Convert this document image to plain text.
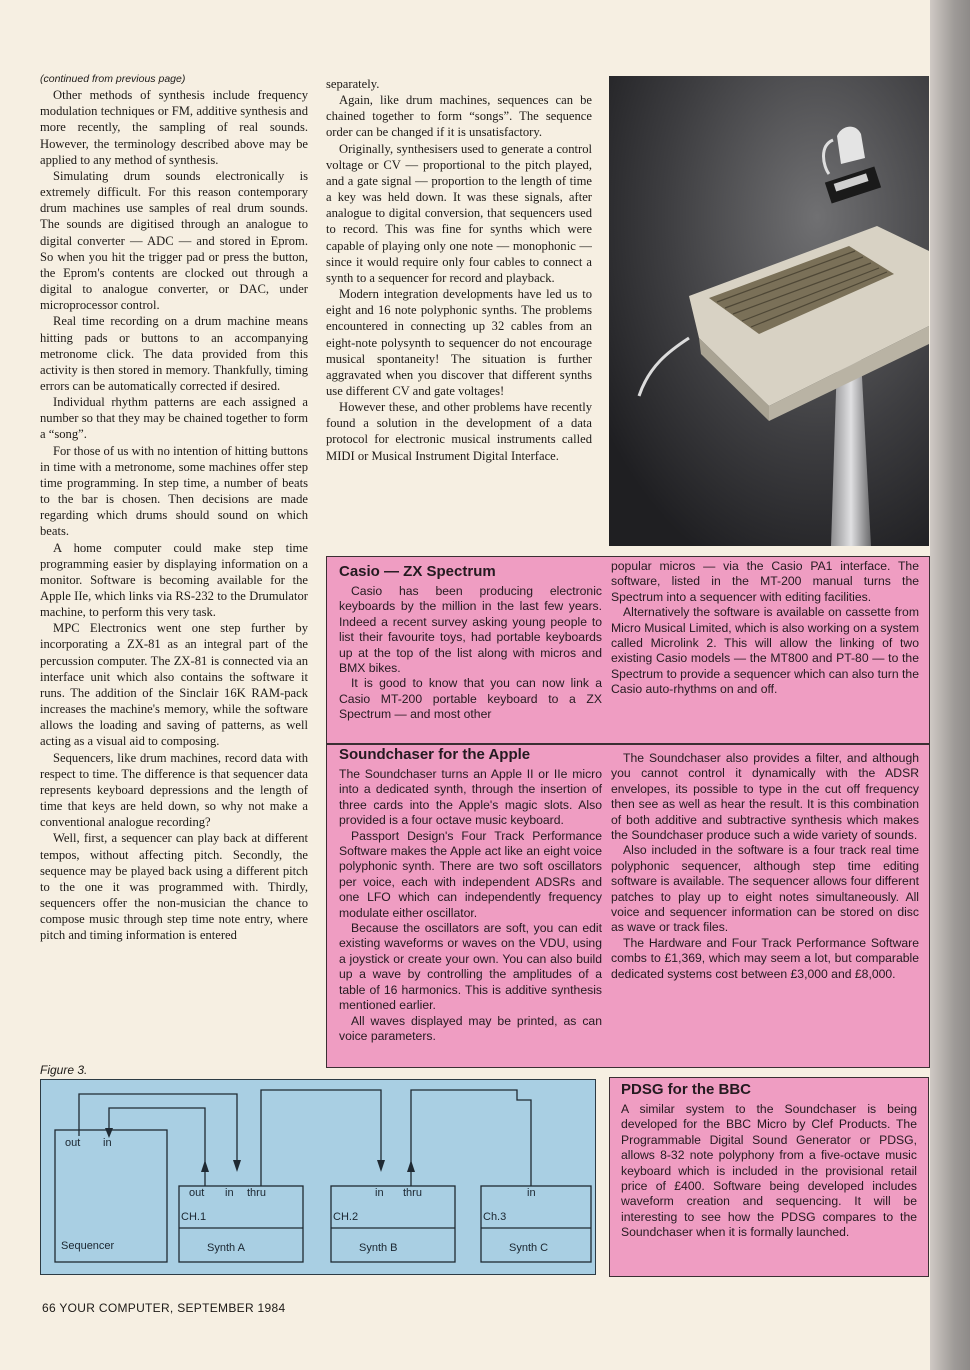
(continued from previous page)

Other methods of synthesis include frequency modulation techniques or FM, additive synthesis and more recently, the sampling of real sounds. However, the terminology described above may be applied to any method of synthesis.

Simulating drum sounds electronically is extremely difficult. For this reason contemporary drum machines use samples of real drum sounds. The sounds are digitised through an analogue to digital converter — ADC — and stored in Eprom. So when you hit the trigger pad or press the button, the Eprom's contents are clocked out through a digital to analogue converter, or DAC, under microprocessor control.

Real time recording on a drum machine means hitting pads or buttons to an accompanying metronome click. The data provided from this activity is then stored in memory. Thankfully, timing errors can be automatically corrected if desired.

Individual rhythm patterns are each assigned a number so that they may be chained together to form a “song”.

For those of us with no intention of hitting buttons in time with a metronome, some machines offer step time programming. In step time, a number of beats to the bar is chosen. Then decisions are made regarding which drums should sound on which beats.

A home computer could make step time programming easier by displaying information on a monitor. Software is becoming available for the Apple IIe, which links via RS-232 to the Drumulator machine, to perform this very task.

MPC Electronics went one step further by incorporating a ZX-81 as an integral part of the percussion computer. The ZX-81 is connected via an interface unit which also contains the software it runs. The addition of the Sinclair 16K RAM-pack increases the machine's memory, while the software allows the loading and saving of patterns, as well acting as a visual aid to composing.

Sequencers, like drum machines, record data with respect to time. The difference is that sequencer data represents keyboard depressions and the length of time that keys are held down, so why not make a conventional analogue recording?

Well, first, a sequencer can play back at different tempos, without affecting pitch. Secondly, the sequence may be played back using a different pitch to the one it was programmed with. Thirdly, sequencers offer the non-musician the chance to compose music through step time note entry, where pitch and timing information is entered

separately.

Again, like drum machines, sequences can be chained together to form “songs”. The sequence order can be changed if it is unsatisfactory.

Originally, synthesisers used to generate a control voltage or CV — proportional to the pitch played, and a gate signal — proportion to the length of time a key was held down. It was these signals, after analogue to digital conversion, that sequencers used to record. This was fine for synths which were capable of playing only one note — monophonic — since it would require only four cables to connect a synth to a sequencer for record and playback.

Modern integration developments have led us to eight and 16 note polyphonic synths. The problems encountered in connecting up 32 cables from an eight-note polysynth to sequencer do not encourage musical spontaneity! The situation is further aggravated when you discover that different synths use different CV and gate voltages!

However these, and other problems have recently found a solution in the development of a data protocol for electronic musical instruments called MIDI or Musical Instrument Digital Interface.

Casio — ZX Spectrum

Casio has been producing electronic keyboards by the million in the last few years. Indeed a recent survey asking young people to list their favourite toys, had portable keyboards up at the top of the list along with micros and BMX bikes.

It is good to know that you can now link a Casio MT-200 portable keyboard to a ZX Spectrum — and most other

popular micros — via the Casio PA1 interface. The software, listed in the MT-200 manual turns the Spectrum into a sequencer with editing facilities.

Alternatively the software is available on cassette from Micro Musical Limited, which is also working on a system called Microlink 2. This will allow the linking of two existing Casio models — the MT800 and PT-80 — to the Spectrum to provide a sequencer which can also turn the Casio auto-rhythms on and off.

Soundchaser for the Apple

The Soundchaser turns an Apple II or IIe micro into a dedicated synth, through the insertion of three cards into the Apple's magic slots. Also provided is a four octave music keyboard.

Passport Design's Four Track Performance Software makes the Apple act like an eight voice polyphonic synth. There are two soft oscillators per voice, each with independent ADSRs and one LFO which can independently frequency modulate either oscillator.

Because the oscillators are soft, you can edit existing waveforms or waves on the VDU, using a joystick or create your own. You can also build up a wave by controlling the amplitudes of a table of 16 harmonics. This is additive synthesis mentioned earlier.

All waves displayed may be printed, as can voice parameters.

The Soundchaser also provides a filter, and although you cannot control it dynamically with the ADSR envelopes, its possible to type in the cut off frequency then see as well as hear the result. It is this combination of both additive and subtractive synthesis which makes the Soundchaser produce such a wide variety of sounds.

Also included in the software is a four track real time polyphonic sequencer, although step time editing software is available. The sequencer allows four different patches to play up to eight notes simultaneously. All voice and sequencer information can be stored on disc as wave or track files.

The Hardware and Four Track Performance Software combs to £1,369, which may seem a lot, but comparable dedicated systems cost between £3,000 and £8,000.

PDSG for the BBC

A similar system to the Soundchaser is being developed for the BBC Micro by Clef Products. The Programmable Digital Sound Generator or PDSG, allows 8-32 note polyphony from a five-octave music keyboard which is included in the provisional retail price of £400. Software being developed includes waveform creation and sequencing. It will be interesting to see how the PDSG compares to the Soundchaser when it is formally launched.

Figure 3.
out in
Sequencer
out in thru
CH.1
Synth A
in thru
CH.2
Synth B
in
Ch.3
Synth C
66 YOUR COMPUTER, SEPTEMBER 1984
